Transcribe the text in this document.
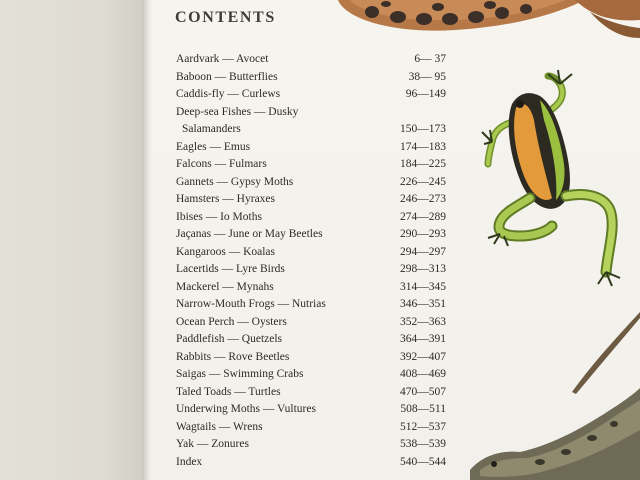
CONTENTS
Aardvark — Avocet	6— 37
Baboon — Butterflies	38— 95
Caddis-fly — Curlews	96—149
Deep-sea Fishes — Dusky
Salamanders	150—173
Eagles — Emus	174—183
Falcons — Fulmars	184—225
Gannets — Gypsy Moths	226—245
Hamsters — Hyraxes	246—273
Ibises — Io Moths	274—289
Jaçanas — June or May Beetles	290—293
Kangaroos — Koalas	294—297
Lacertids — Lyre Birds	298—313
Mackerel — Mynahs	314—345
Narrow-Mouth Frogs — Nutrias	346—351
Ocean Perch — Oysters	352—363
Paddlefish — Quetzels	364—391
Rabbits — Rove Beetles	392—407
Saigas — Swimming Crabs	408—469
Taled Toads — Turtles	470—507
Underwing Moths — Vultures	508—511
Wagtails — Wrens	512—537
Yak — Zonures	538—539
Index	540—544
